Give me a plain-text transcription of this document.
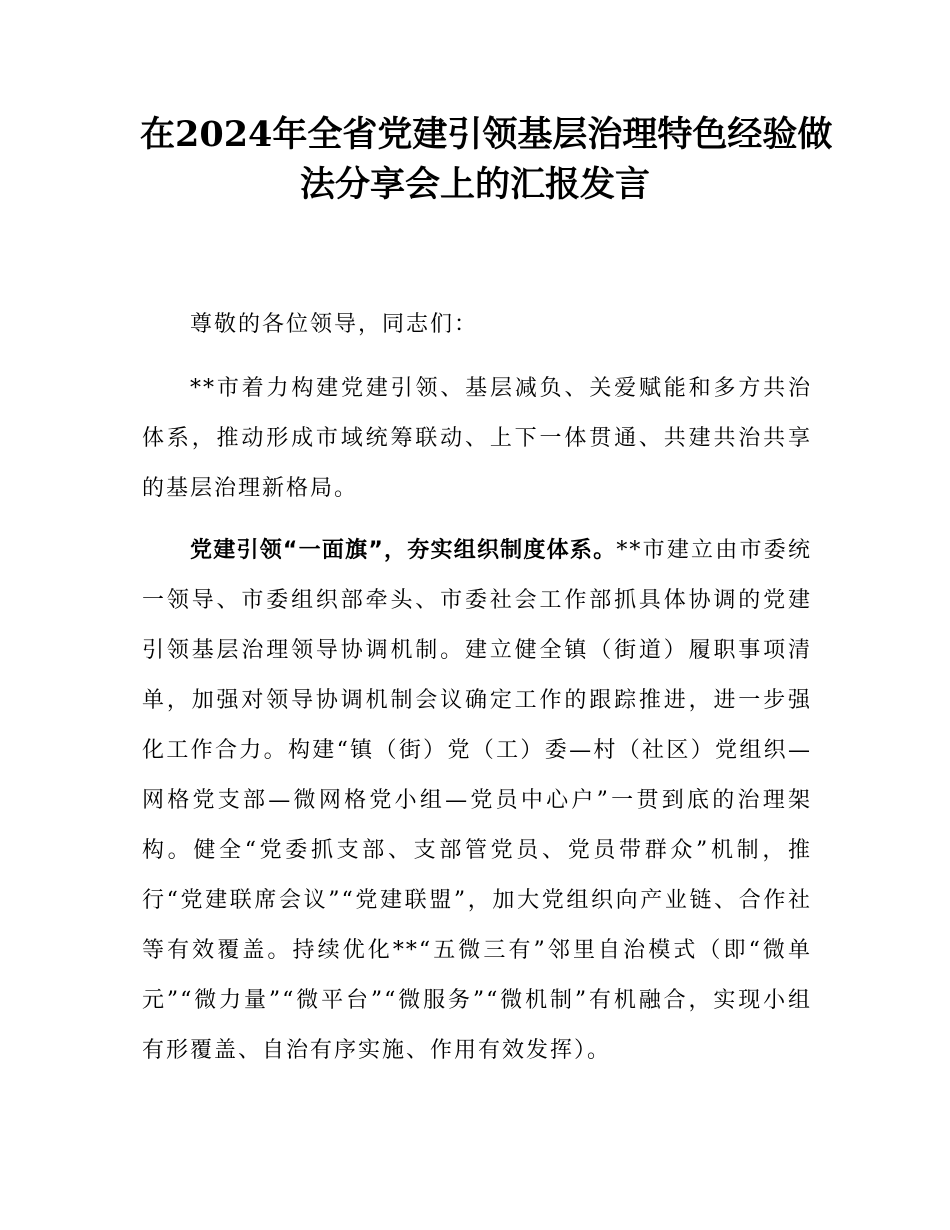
在2024年全省党建引领基层治理特色经验做
法分享会上的汇报发言

尊敬的各位领导，同志们：

**市着力构建党建引领、基层减负、关爱赋能和多方共治体系，推动形成市域统筹联动、上下一体贯通、共建共治共享的基层治理新格局。

党建引领“一面旗”，夯实组织制度体系。**市建立由市委统一领导、市委组织部牵头、市委社会工作部抓具体协调的党建引领基层治理领导协调机制。建立健全镇（街道）履职事项清单，加强对领导协调机制会议确定工作的跟踪推进，进一步强化工作合力。构建“镇（街）党（工）委—村（社区）党组织—网格党支部—微网格党小组—党员中心户”一贯到底的治理架构。健全“党委抓支部、支部管党员、党员带群众”机制，推行“党建联席会议”“党建联盟”，加大党组织向产业链、合作社等有效覆盖。持续优化**“五微三有”邻里自治模式（即“微单元”“微力量”“微平台”“微服务”“微机制”有机融合，实现小组有形覆盖、自治有序实施、作用有效发挥）。
